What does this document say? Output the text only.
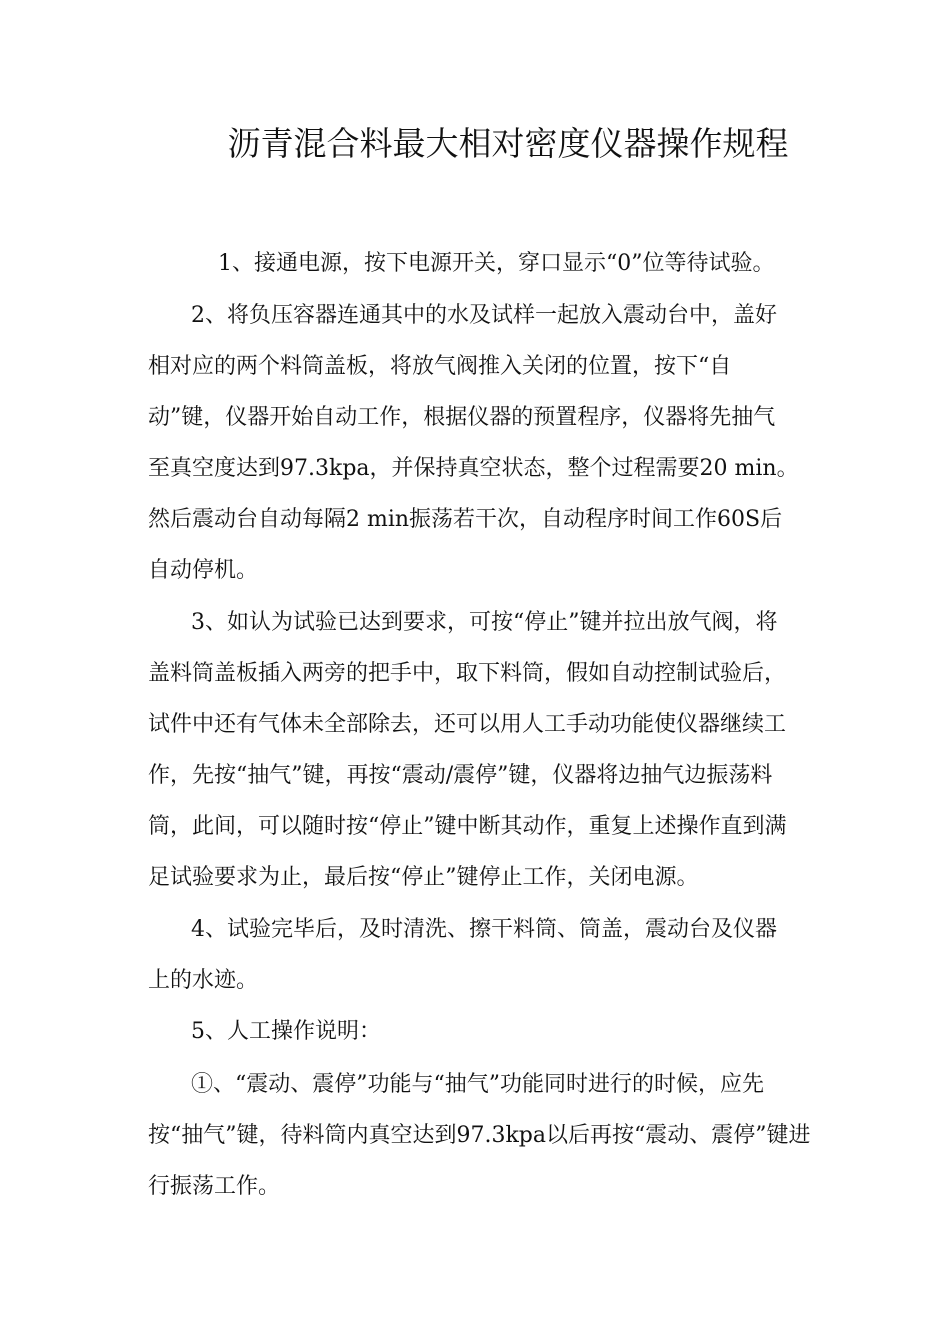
沥青混合料最大相对密度仪器操作规程
1、接通电源，按下电源开关，穿口显示“0”位等待试验。
2、将负压容器连通其中的水及试样一起放入震动台中，盖好
相对应的两个料筒盖板，将放气阀推入关闭的位置，按下“自
动”键，仪器开始自动工作，根据仪器的预置程序，仪器将先抽气
至真空度达到97.3kpa，并保持真空状态，整个过程需要20 min。
然后震动台自动每隔2 min振荡若干次，自动程序时间工作60S后
自动停机。
3、如认为试验已达到要求，可按“停止”键并拉出放气阀，将
盖料筒盖板插入两旁的把手中，取下料筒，假如自动控制试验后，
试件中还有气体未全部除去，还可以用人工手动功能使仪器继续工
作，先按“抽气”键，再按“震动/震停”键，仪器将边抽气边振荡料
筒，此间，可以随时按“停止”键中断其动作，重复上述操作直到满
足试验要求为止，最后按“停止”键停止工作，关闭电源。
4、试验完毕后，及时清洗、擦干料筒、筒盖，震动台及仪器
上的水迹。
5、人工操作说明：
①、“震动、震停”功能与“抽气”功能同时进行的时候，应先
按“抽气”键，待料筒内真空达到97.3kpa以后再按“震动、震停”键进
行振荡工作。
